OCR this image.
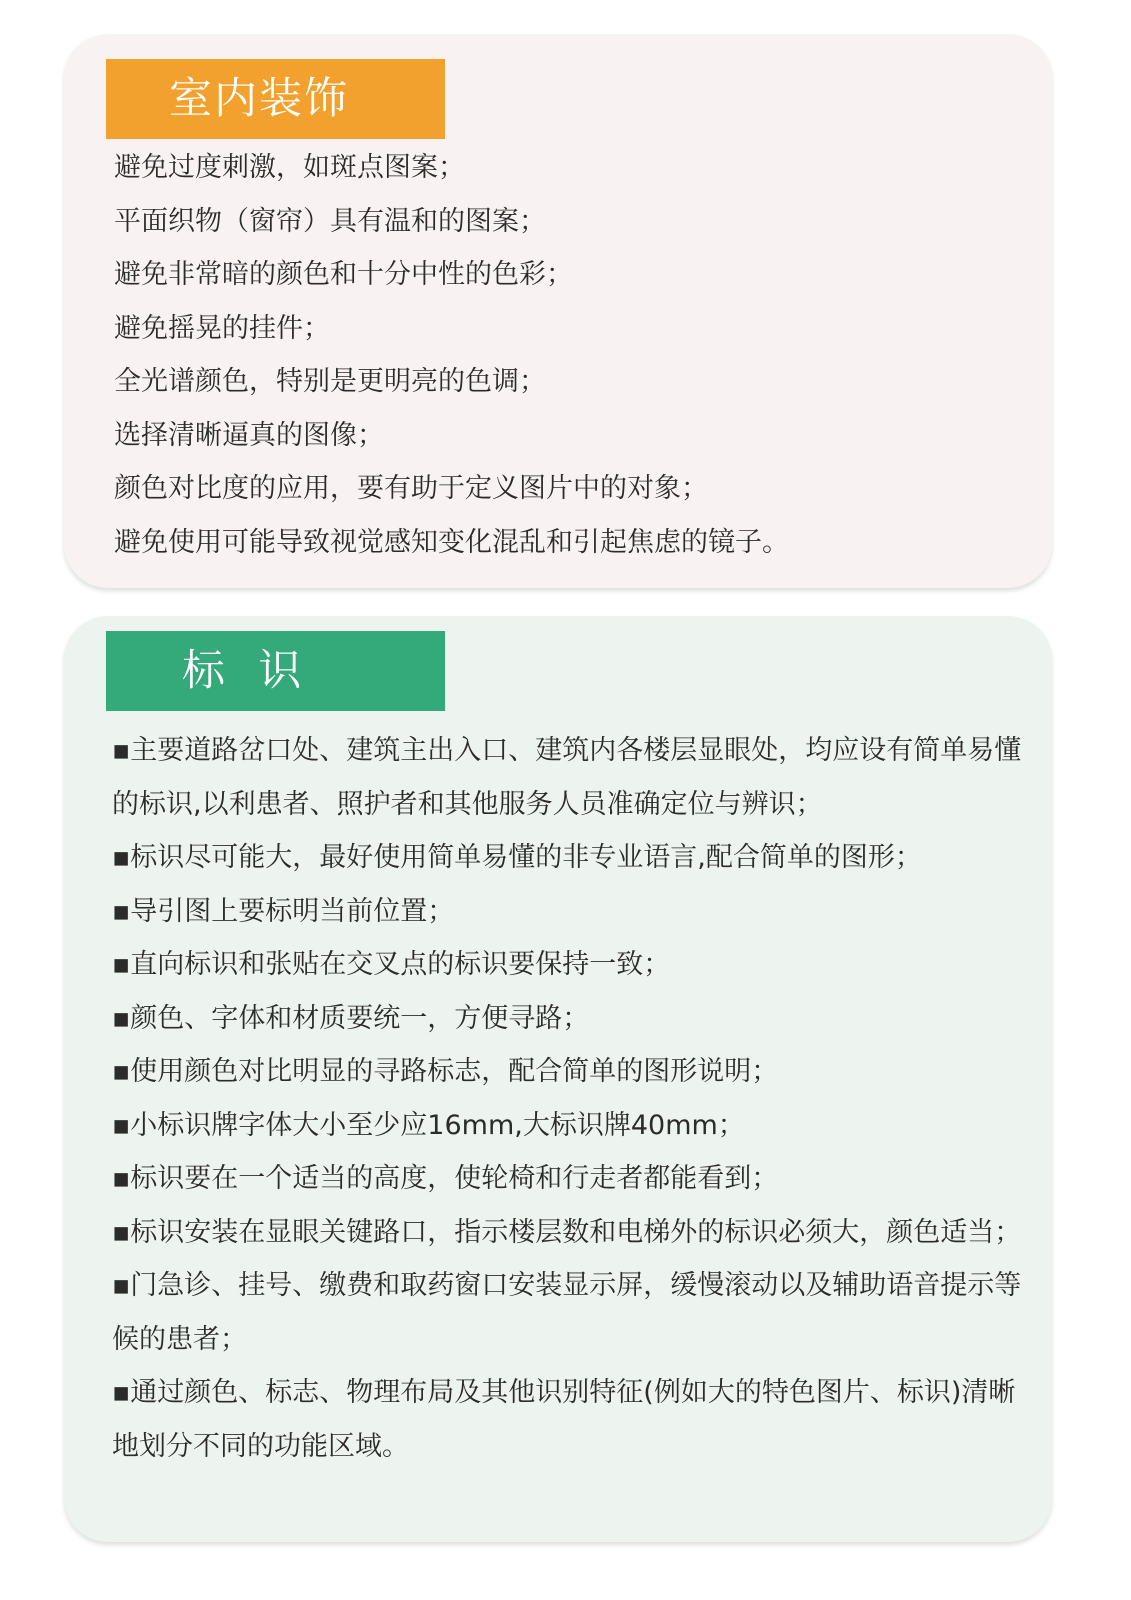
室内装饰
避免过度刺激，如斑点图案；
平面织物（窗帘）具有温和的图案；
避免非常暗的颜色和十分中性的色彩；
避免摇晃的挂件；
全光谱颜色，特别是更明亮的色调；
选择清晰逼真的图像；
颜色对比度的应用，要有助于定义图片中的对象；
避免使用可能导致视觉感知变化混乱和引起焦虑的镜子。
标  识
▪主要道路岔口处、建筑主出入口、建筑内各楼层显眼处，均应设有简单易懂的标识,以利患者、照护者和其他服务人员准确定位与辨识；
▪标识尽可能大，最好使用简单易懂的非专业语言,配合简单的图形；
▪导引图上要标明当前位置；
▪直向标识和张贴在交叉点的标识要保持一致；
▪颜色、字体和材质要统一，方便寻路；
▪使用颜色对比明显的寻路标志，配合简单的图形说明；
▪小标识牌字体大小至少应16mm,大标识牌40mm；
▪标识要在一个适当的高度，使轮椅和行走者都能看到；
▪标识安装在显眼关键路口，指示楼层数和电梯外的标识必须大，颜色适当；
▪门急诊、挂号、缴费和取药窗口安装显示屏，缓慢滚动以及辅助语音提示等候的患者；
▪通过颜色、标志、物理布局及其他识别特征(例如大的特色图片、标识)清晰地划分不同的功能区域。
